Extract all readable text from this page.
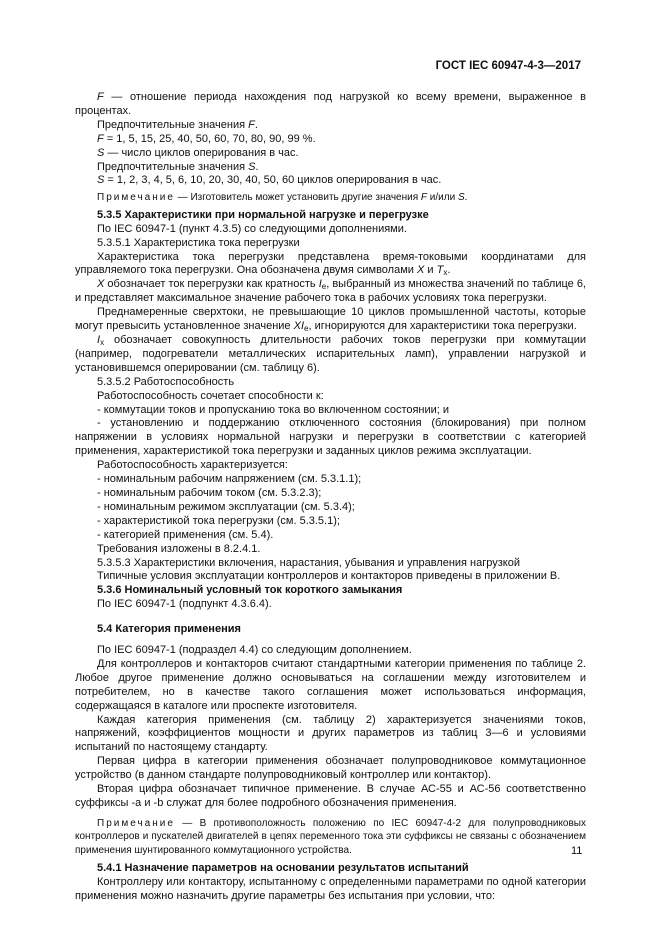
ГОСТ IEC 60947-4-3—2017

F — отношение периода нахождения под нагрузкой ко всему времени, выраженное в процентах.

Предпочтительные значения F.

F = 1, 5, 15, 25, 40, 50, 60, 70, 80, 90, 99 %.

S — число циклов оперирования в час.

Предпочтительные значения S.

S = 1, 2, 3, 4, 5, 6, 10, 20, 30, 40, 50, 60 циклов оперирования в час.

Примечание — Изготовитель может установить другие значения F и/или S.

5.3.5 Характеристики при нормальной нагрузке и перегрузке

По IEC 60947-1 (пункт 4.3.5) со следующими дополнениями.

5.3.5.1 Характеристика тока перегрузки

Характеристика тока перегрузки представлена время-токовыми координатами для управляемого тока перегрузки. Она обозначена двумя символами X и $T_x$.

X обозначает ток перегрузки как кратность $I_e$, выбранный из множества значений по таблице 6, и представляет максимальное значение рабочего тока в рабочих условиях тока перегрузки.

Преднамеренные сверхтоки, не превышающие 10 циклов промышленной частоты, которые могут превысить установленное значение $XI_e$, игнорируются для характеристики тока перегрузки.

$I_x$ обозначает совокупность длительности рабочих токов перегрузки при коммутации (например, подогреватели металлических испарительных ламп), управлении нагрузкой и установившемся оперировании (см. таблицу 6).

5.3.5.2 Работоспособность

Работоспособность сочетает способности к:

- коммутации токов и пропусканию тока во включенном состоянии; и

- установлению и поддержанию отключенного состояния (блокирования) при полном напряжении в условиях нормальной нагрузки и перегрузки в соответствии с категорией применения, характеристикой тока перегрузки и заданных циклов режима эксплуатации.

Работоспособность характеризуется:

- номинальным рабочим напряжением (см. 5.3.1.1);

- номинальным рабочим током (см. 5.3.2.3);

- номинальным режимом эксплуатации (см. 5.3.4);

- характеристикой тока перегрузки (см. 5.3.5.1);

- категорией применения (см. 5.4).

Требования изложены в 8.2.4.1.

5.3.5.3 Характеристики включения, нарастания, убывания и управления нагрузкой

Типичные условия эксплуатации контроллеров и контакторов приведены в приложении В.

5.3.6 Номинальный условный ток короткого замыкания

По IEC 60947-1 (подпункт 4.3.6.4).

5.4 Категория применения

По IEC 60947-1 (подраздел 4.4) со следующим дополнением.

Для контроллеров и контакторов считают стандартными категории применения по таблице 2. Любое другое применение должно основываться на соглашении между изготовителем и потребителем, но в качестве такого соглашения может использоваться информация, содержащаяся в каталоге или проспекте изготовителя.

Каждая категория применения (см. таблицу 2) характеризуется значениями токов, напряжений, коэффициентов мощности и других параметров из таблиц 3—6 и условиями испытаний по настоящему стандарту.

Первая цифра в категории применения обозначает полупроводниковое коммутационное устройство (в данном стандарте полупроводниковый контроллер или контактор).

Вторая цифра обозначает типичное применение. В случае АС-55 и АС-56 соответственно суффиксы -a и -b служат для более подробного обозначения применения.

Примечание — В противоположность положению по IEC 60947-4-2 для полупроводниковых контроллеров и пускателей двигателей в цепях переменного тока эти суффиксы не связаны с обозначением применения шунтированного коммутационного устройства.

5.4.1 Назначение параметров на основании результатов испытаний

Контроллеру или контактору, испытанному с определенными параметрами по одной категории применения можно назначить другие параметры без испытания при условии, что:

11
